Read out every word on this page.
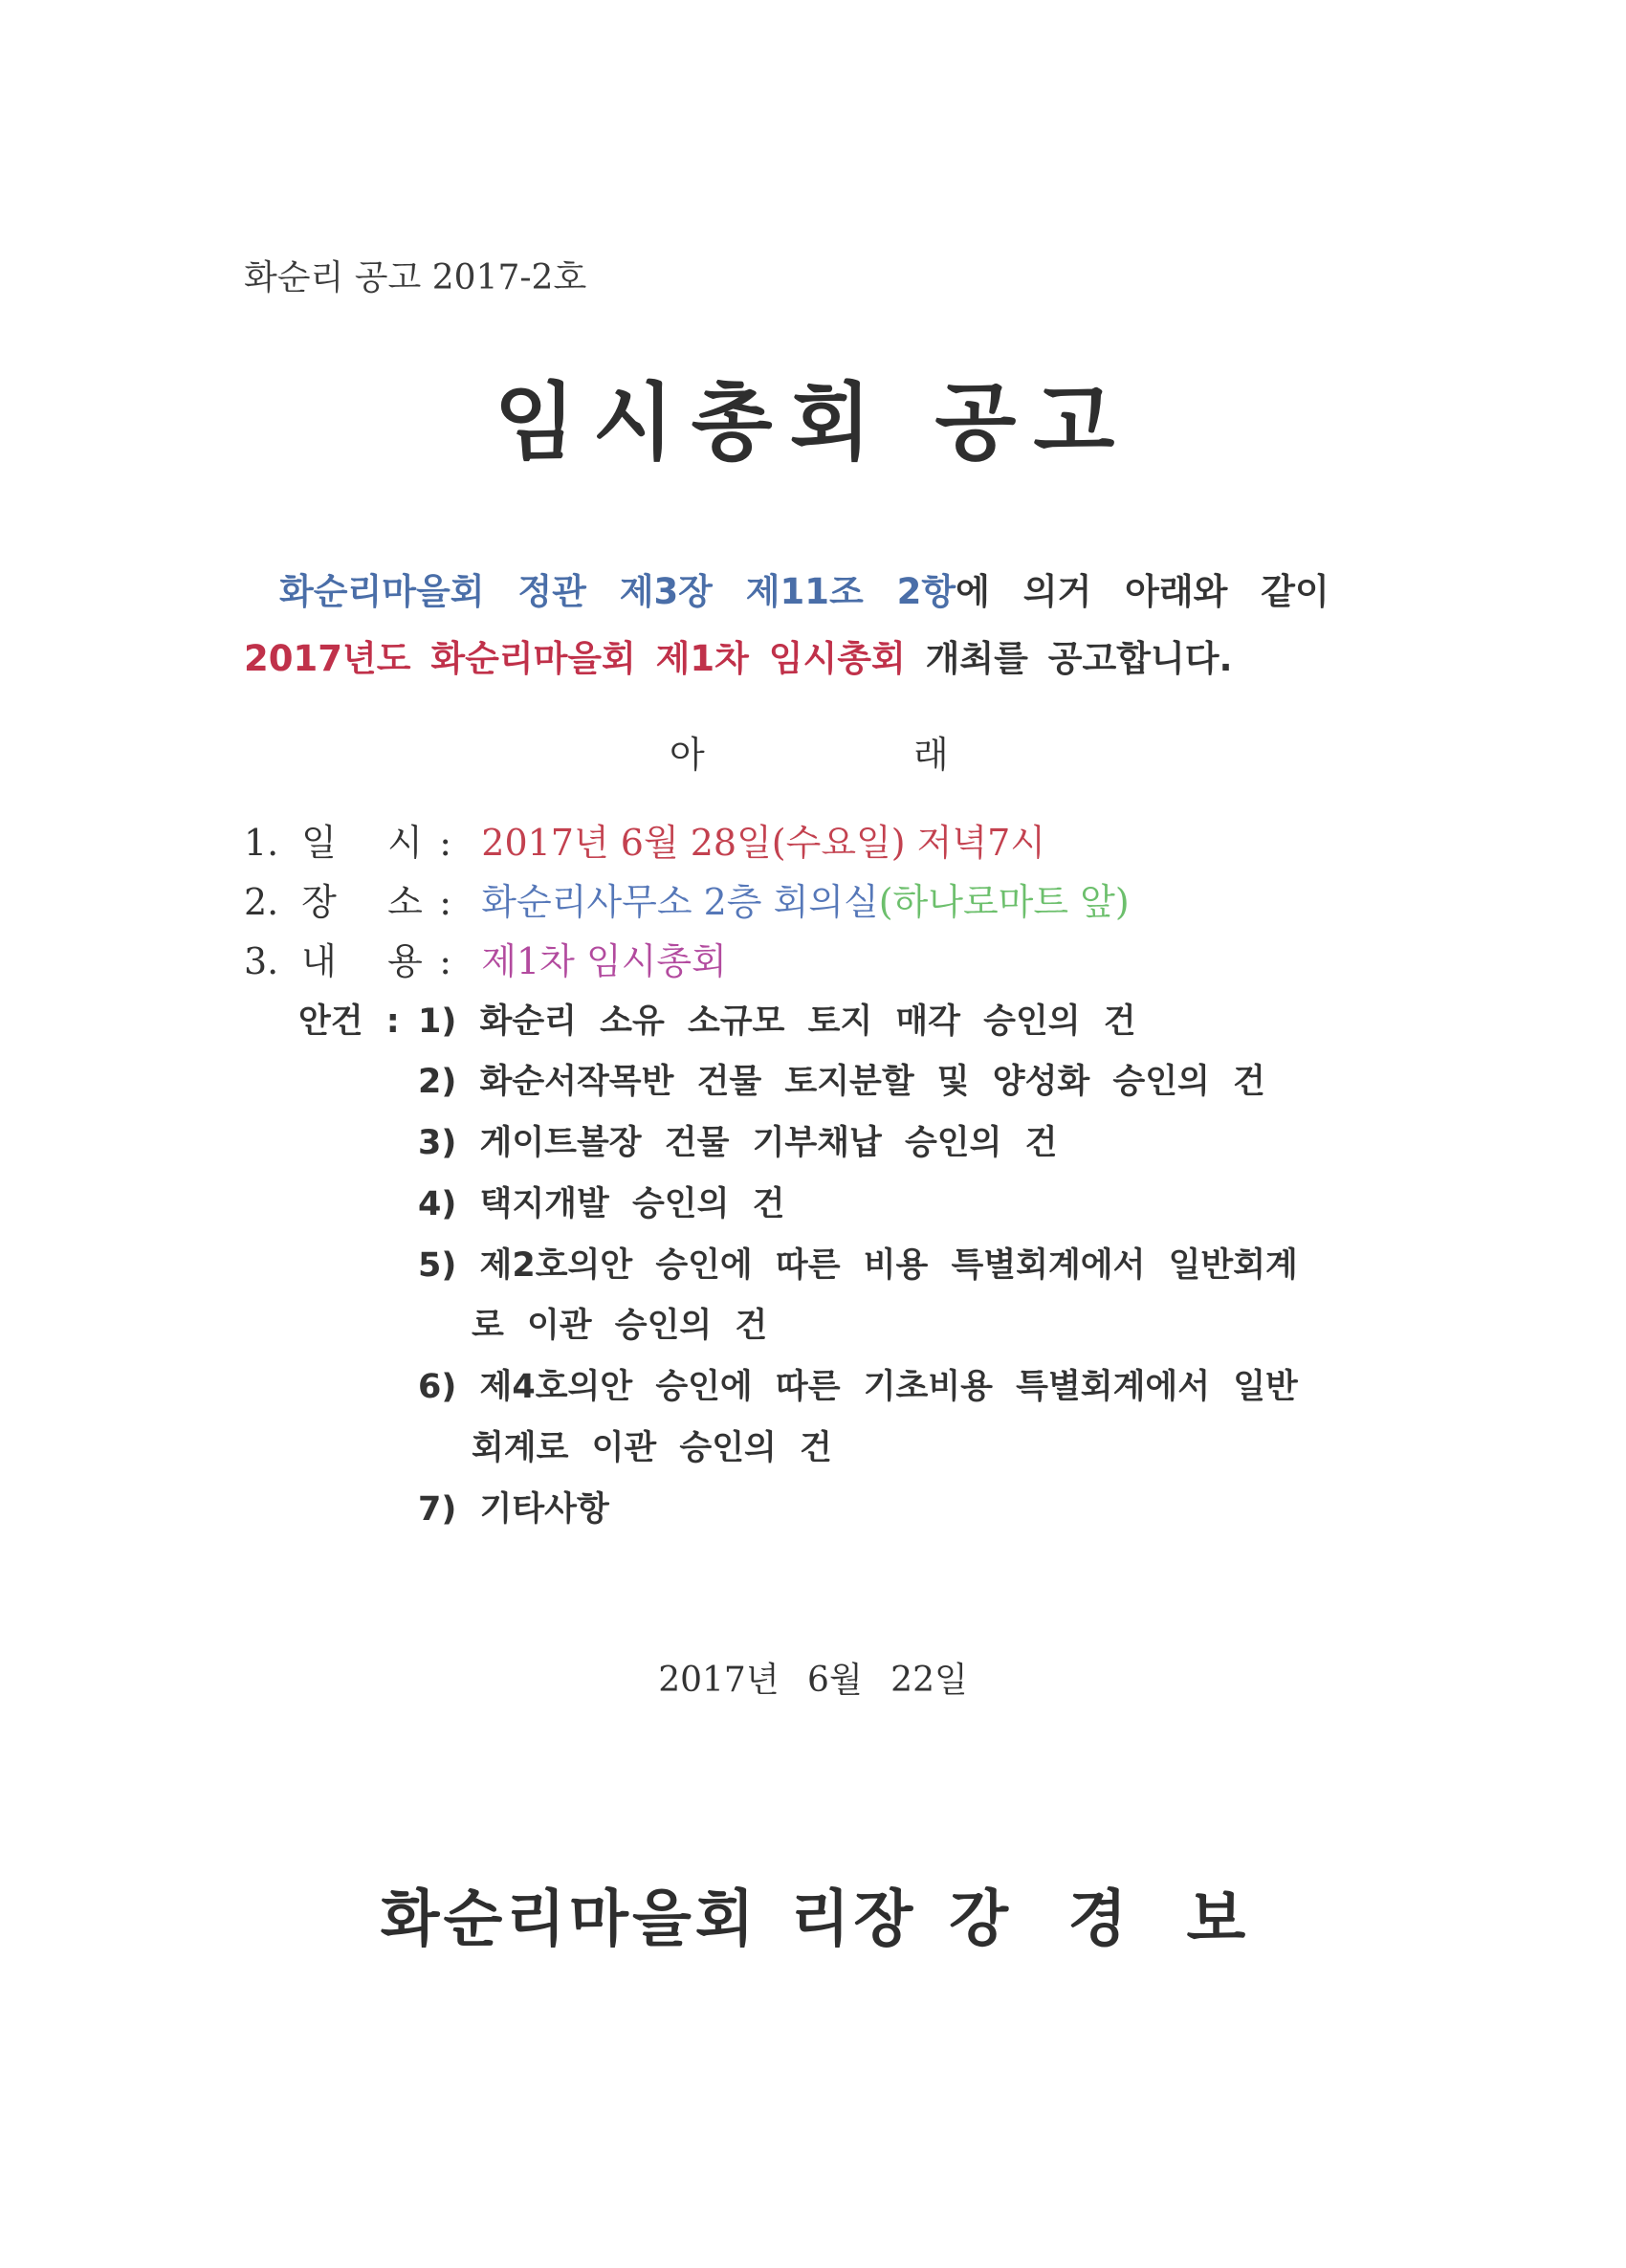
화순리 공고 2017-2호
임시총회 공고
화순리마을회 정관 제3장 제11조 2항에 의거 아래와 같이
2017년도 화순리마을회 제1차 임시총회 개최를 공고합니다.
아	래
1. 일 시 : 2017년 6월 28일(수요일) 저녁7시
2. 장 소 : 화순리사무소 2층 회의실(하나로마트 앞)
3. 내 용 : 제1차 임시총회
안건 : 1) 화순리 소유 소규모 토지 매각 승인의 건
2) 화순서작목반 건물 토지분할 및 양성화 승인의 건
3) 게이트볼장 건물 기부채납 승인의 건
4) 택지개발 승인의 건
5) 제2호의안 승인에 따른 비용 특별회계에서 일반회계
로 이관 승인의 건
6) 제4호의안 승인에 따른 기초비용 특별회계에서 일반
회계로 이관 승인의 건
7) 기타사항
2017년 6월 22일
화순리마을회 리장 강 경 보
